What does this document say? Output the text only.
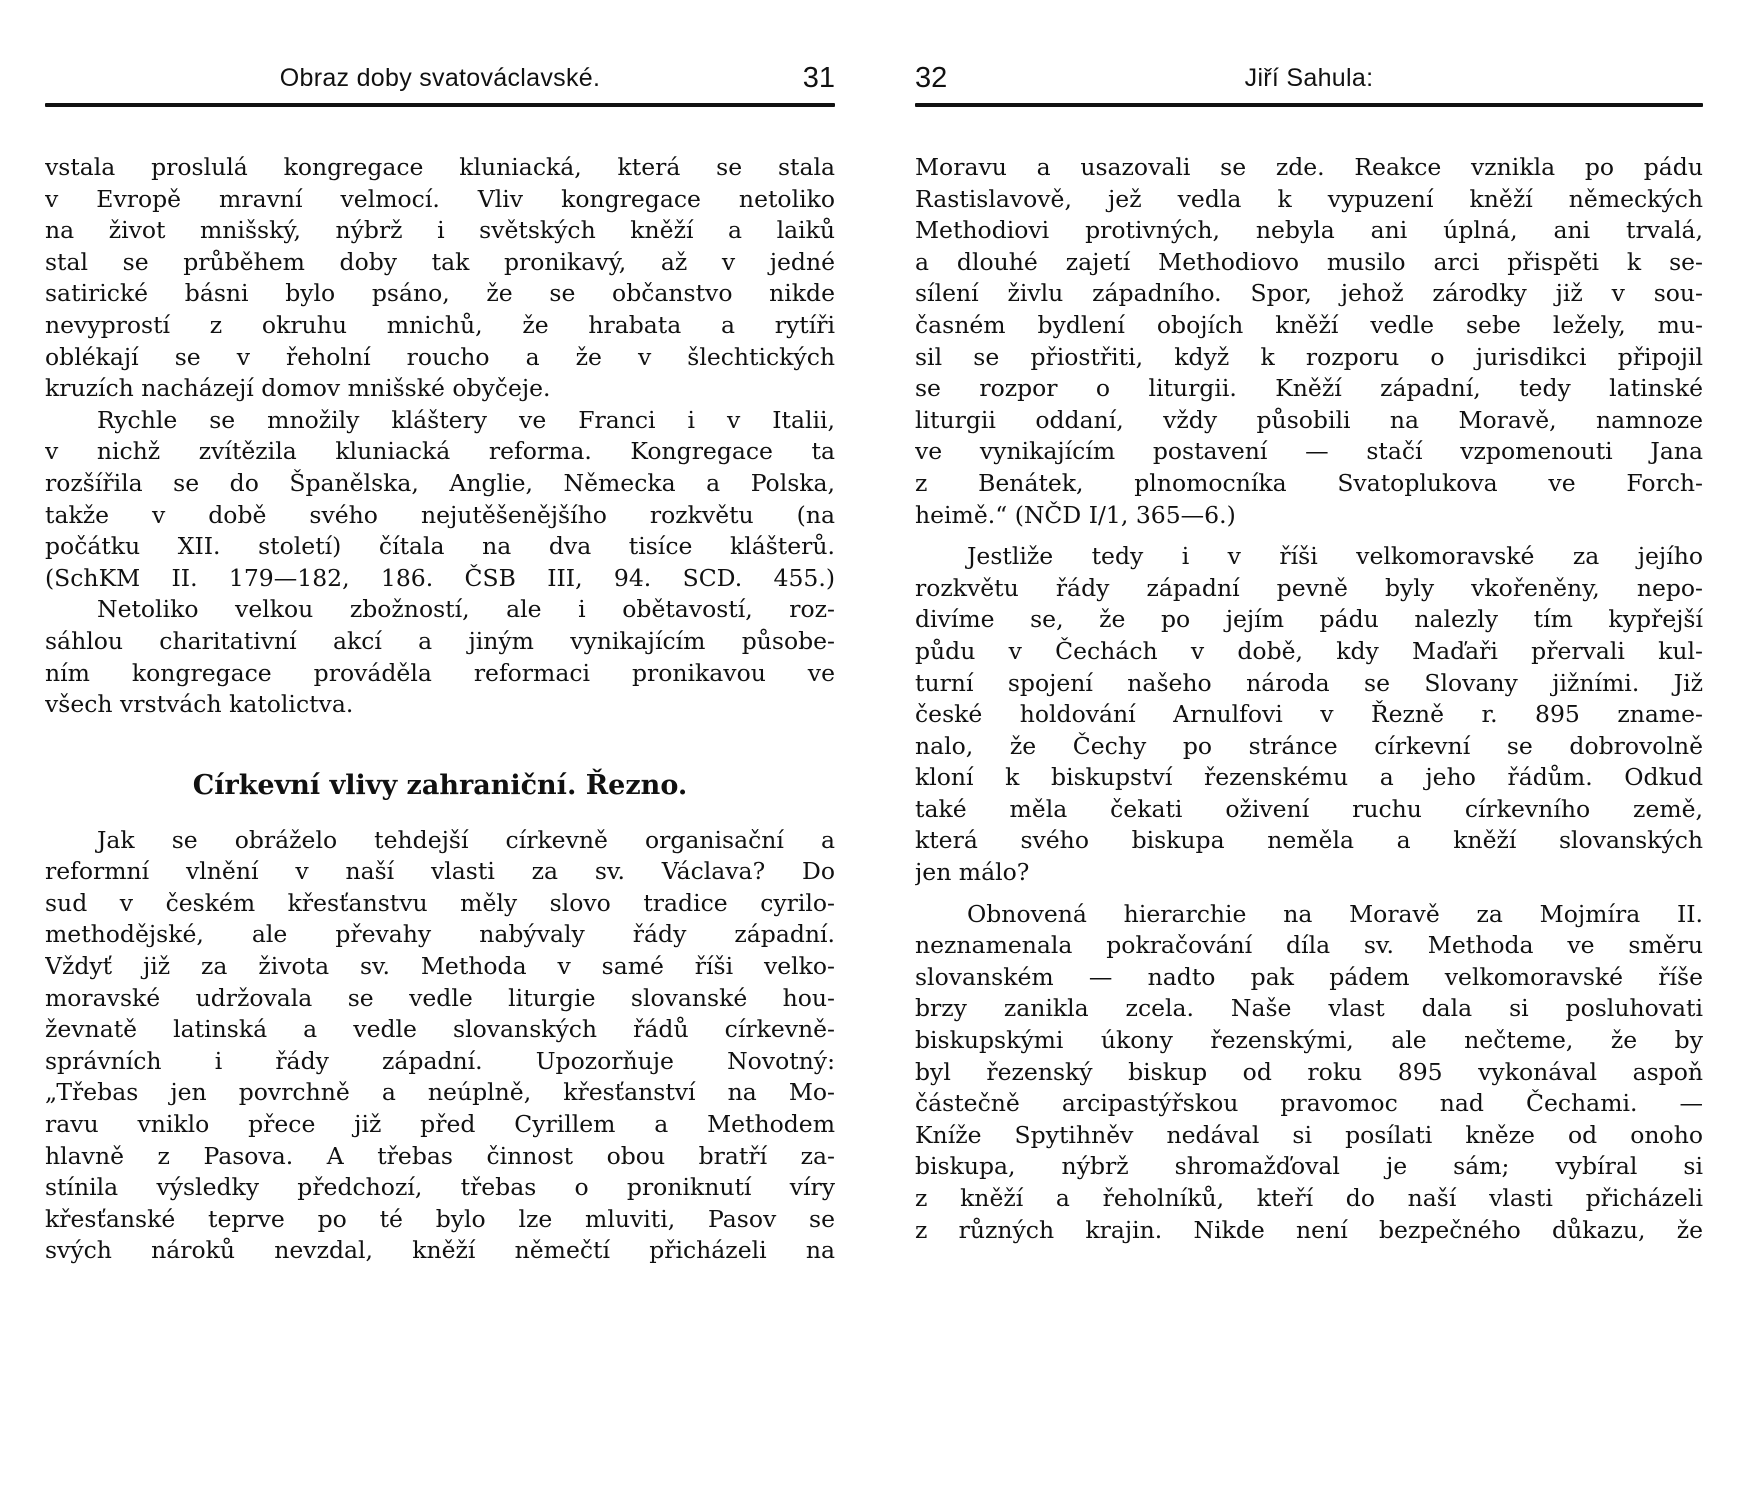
Obraz doby svatováclavské.	31
vstala proslulá kongregace kluniacká, která se stala
v Evropě mravní velmocí. Vliv kongregace netoliko
na život mnišský, nýbrž i světských kněží a laiků
stal se průběhem doby tak pronikavý, až v jedné
satirické básni bylo psáno, že se občanstvo nikde
nevyprostí z okruhu mnichů, že hrabata a rytíři
oblékají se v řeholní roucho a že v šlechtických
kruzích nacházejí domov mnišské obyčeje.
Rychle se množily kláštery ve Franci i v Italii,
v nichž zvítězila kluniacká reforma. Kongregace ta
rozšířila se do Španělska, Anglie, Německa a Polska,
takže v době svého nejutěšenějšího rozkvětu (na
počátku XII. století) čítala na dva tisíce klášterů.
(SchKM II. 179—182, 186. ČSB III, 94. SCD. 455.)
Netoliko velkou zbožností, ale i obětavostí, roz-
sáhlou charitativní akcí a jiným vynikajícím působe-
ním kongregace prováděla reformaci pronikavou ve
všech vrstvách katolictva.
Církevní vlivy zahraniční. Řezno.
Jak se obráželo tehdejší církevně organisační a
reformní vlnění v naší vlasti za sv. Václava? Do
sud v českém křesťanstvu měly slovo tradice cyrilo-
methodějské, ale převahy nabývaly řády západní.
Vždyť již za života sv. Methoda v samé říši velko-
moravské udržovala se vedle liturgie slovanské hou-
ževnatě latinská a vedle slovanských řádů církevně-
správních i řády západní. Upozorňuje Novotný:
„Třebas jen povrchně a neúplně, křesťanství na Mo-
ravu vniklo přece již před Cyrillem a Methodem
hlavně z Pasova. A třebas činnost obou bratří za-
stínila výsledky předchozí, třebas o proniknutí víry
křesťanské teprve po té bylo lze mluviti, Pasov se
svých nároků nevzdal, kněží němečtí přicházeli na
32	Jiří Sahula:
Moravu a usazovali se zde. Reakce vznikla po pádu
Rastislavově, jež vedla k vypuzení kněží německých
Methodiovi protivných, nebyla ani úplná, ani trvalá,
a dlouhé zajetí Methodiovo musilo arci přispěti k se-
sílení živlu západního. Spor, jehož zárodky již v sou-
časném bydlení obojích kněží vedle sebe ležely, mu-
sil se přiostřiti, když k rozporu o jurisdikci připojil
se rozpor o liturgii. Kněží západní, tedy latinské
liturgii oddaní, vždy působili na Moravě, namnoze
ve vynikajícím postavení — stačí vzpomenouti Jana
z Benátek, plnomocníka Svatoplukova ve Forch-
heimě.“ (NČD I/1, 365—6.)
Jestliže tedy i v říši velkomoravské za jejího
rozkvětu řády západní pevně byly vkořeněny, nepo-
divíme se, že po jejím pádu nalezly tím kypřejší
půdu v Čechách v době, kdy Maďaři přervali kul-
turní spojení našeho národa se Slovany jižními. Již
české holdování Arnulfovi v Řezně r. 895 zname-
nalo, že Čechy po stránce církevní se dobrovolně
kloní k biskupství řezenskému a jeho řádům. Odkud
také měla čekati oživení ruchu církevního země,
která svého biskupa neměla a kněží slovanských
jen málo?
Obnovená hierarchie na Moravě za Mojmíra II.
neznamenala pokračování díla sv. Methoda ve směru
slovanském — nadto pak pádem velkomoravské říše
brzy zanikla zcela. Naše vlast dala si posluhovati
biskupskými úkony řezenskými, ale nečteme, že by
byl řezenský biskup od roku 895 vykonával aspoň
částečně arcipastýřskou pravomoc nad Čechami. —
Kníže Spytihněv nedával si posílati kněze od onoho
biskupa, nýbrž shromažďoval je sám; vybíral si
z kněží a řeholníků, kteří do naší vlasti přicházeli
z různých krajin. Nikde není bezpečného důkazu, že
